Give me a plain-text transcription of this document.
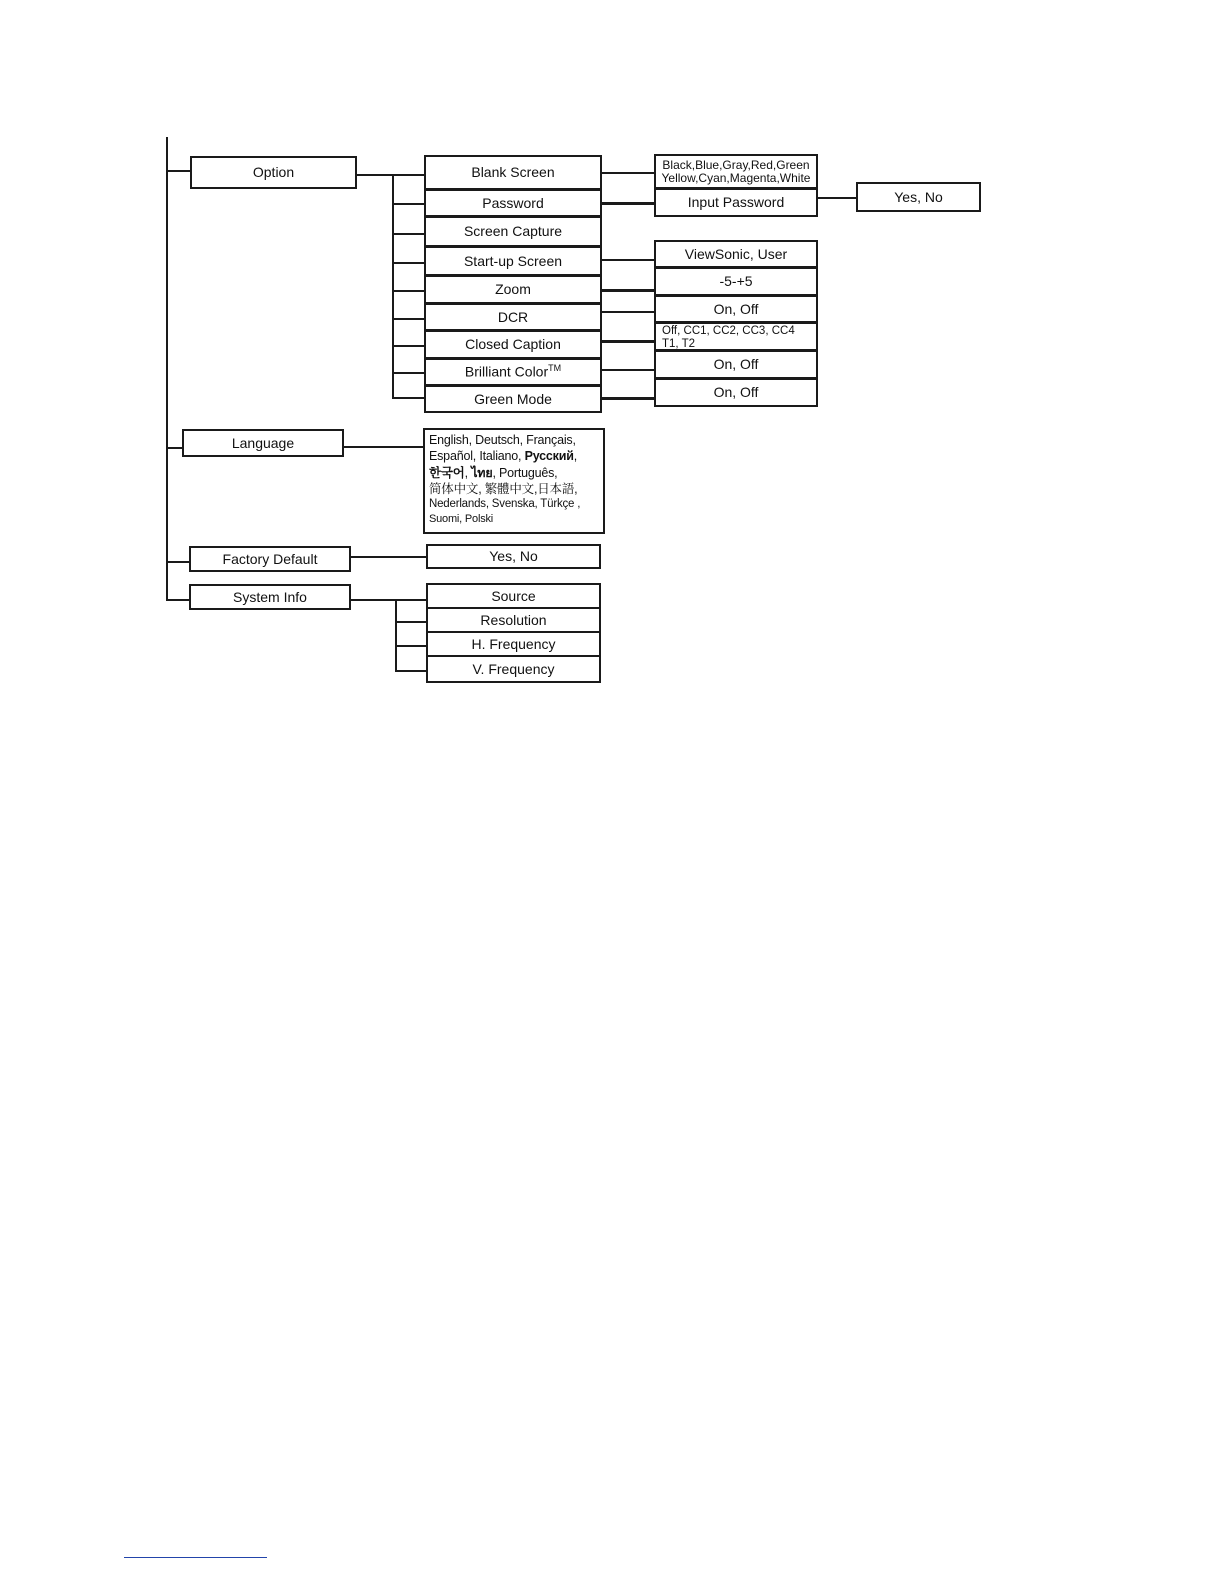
Option
Language
Factory Default
System Info
Blank Screen
Password
Screen Capture
Start-up Screen
Zoom
DCR
Closed Caption
Brilliant Color™
Green Mode
Black,Blue,Gray,Red,Green
Yellow,Cyan,Magenta,White
Input Password	Yes, No
ViewSonic, User
-5-+5
On, Off
Off, CC1, CC2, CC3, CC4
T1, T2
On, Off
On, Off
English, Deutsch, Français,
Español, Italiano, Русский,
한국어, ไทย, Português,
简体中文, 繁體中文,日本語,
Nederlands, Svenska, Türkçe ,
Suomi, Polski
Yes, No
Source
Resolution
H. Frequency
V. Frequency
